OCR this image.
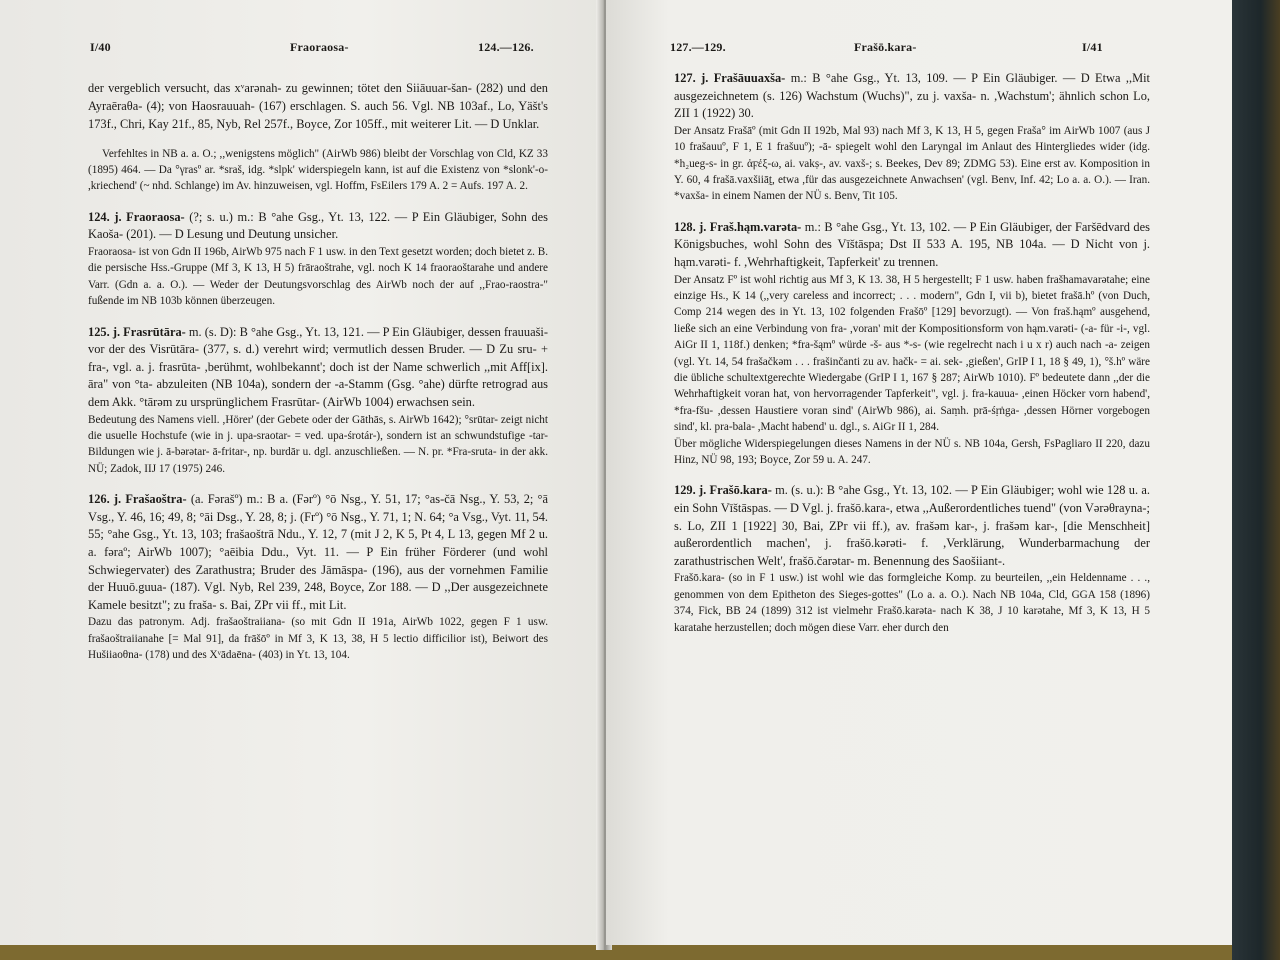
I/40	Fraoraosa-	124.—126.

der vergeblich versucht, das xᵛarənah- zu gewinnen; tötet den Siiāuuar-šan- (282) und den Ayraēraθa- (4); von Haosrauuah- (167) erschlagen. S. auch 56. Vgl. NB 103af., Lo, Yäšt's 173f., Chri, Kay 21f., 85, Nyb, Rel 257f., Boyce, Zor 105ff., mit weiterer Lit. — D Unklar.

Verfehltes in NB a. a. O.; ,,wenigstens möglich" (AirWb 986) bleibt der Vorschlag von Cld, KZ 33 (1895) 464. — Da °γrasº ar. *sraš, idg. *slpk' widerspiegeln kann, ist auf die Existenz von *slonk'-o- ,kriechend' (~ nhd. Schlange) im Av. hinzuweisen, vgl. Hoffm, FsEilers 179 A. 2 = Aufs. 197 A. 2.

124. j. Fraoraosa- (?; s. u.) m.: B °ahe Gsg., Yt. 13, 122. — P Ein Gläubiger, Sohn des Kaoša- (201). — D Lesung und Deutung unsicher.

Fraoraosa- ist von Gdn II 196b, AirWb 975 nach F 1 usw. in den Text gesetzt worden; doch bietet z. B. die persische Hss.-Gruppe (Mf 3, K 13, H 5) frāraoštrahe, vgl. noch K 14 fraoraoštarahe und andere Varr. (Gdn a. a. O.). — Weder der Deutungsvorschlag des AirWb noch der auf ,,Frao-raostra-" fußende im NB 103b können überzeugen.

125. j. Frasrūtāra- m. (s. D): B °ahe Gsg., Yt. 13, 121. — P Ein Gläubiger, dessen frauuaši- vor der des Visrūtāra- (377, s. d.) verehrt wird; vermutlich dessen Bruder. — D Zu sru- + fra-, vgl. a. j. frasrūta- ,berühmt, wohlbekannt'; doch ist der Name schwerlich ,,mit Aff[ix]. āra" von °ta- abzuleiten (NB 104a), sondern der -a-Stamm (Gsg. °ahe) dürfte retrograd aus dem Akk. °tārəm zu ursprünglichem Frasrūtar- (AirWb 1004) erwachsen sein.

Bedeutung des Namens viell. ,Hörer' (der Gebete oder der Gāthās, s. AirWb 1642); °srūtar- zeigt nicht die usuelle Hochstufe (wie in j. upa-sraotar- = ved. upa-śrotár-), sondern ist an schwundstufige -tar-Bildungen wie j. ā-bərətar- ā-fritar-, np. burdār u. dgl. anzuschließen. — N. pr. *Fra-sruta- in der akk. NÜ; Zadok, IIJ 17 (1975) 246.

126. j. Frašaoštra- (a. Fərašº) m.: B a. (Fərº) °ō Nsg., Y. 51, 17; °as-čā Nsg., Y. 53, 2; °ā Vsg., Y. 46, 16; 49, 8; °āi Dsg., Y. 28, 8; j. (Frº) °ō Nsg., Y. 71, 1; N. 64; °a Vsg., Vyt. 11, 54. 55; °ahe Gsg., Yt. 13, 103; frašaoštrā Ndu., Y. 12, 7 (mit J 2, K 5, Pt 4, L 13, gegen Mf 2 u. a. fəraº; AirWb 1007); °aēibia Ddu., Vyt. 11. — P Ein früher Förderer (und wohl Schwiegervater) des Zarathustra; Bruder des Jāmāspa- (196), aus der vornehmen Familie der Huuō.guua- (187). Vgl. Nyb, Rel 239, 248, Boyce, Zor 188. — D ,,Der ausgezeichnete Kamele besitzt"; zu fraša- s. Bai, ZPr vii ff., mit Lit.

Dazu das patronym. Adj. frašaoštraiiana- (so mit Gdn II 191a, AirWb 1022, gegen F 1 usw. frašaoštraiianahe [= Mal 91], da frāšōº in Mf 3, K 13, 38, H 5 lectio difficilior ist), Beiwort des Hušiiaoθna- (178) und des Xᵛādaēna- (403) in Yt. 13, 104.

127.—129.	Frašō.kara-	I/41

127. j. Frašāuuaxša- m.: B °ahe Gsg., Yt. 13, 109. — P Ein Gläubiger. — D Etwa ,,Mit ausgezeichnetem (s. 126) Wachstum (Wuchs)", zu j. vaxša- n. ,Wachstum'; ähnlich schon Lo, ZII 1 (1922) 30.

Der Ansatz Frašāº (mit Gdn II 192b, Mal 93) nach Mf 3, K 13, H 5, gegen Fraša° im AirWb 1007 (aus J 10 frašauuº, F 1, E 1 frašuuº); -ā- spiegelt wohl den Laryngal im Anlaut des Hintergliedes wider (idg. *h₂ueg-s- in gr. ἀϝέξ-ω, ai. vakṣ-, av. vaxš-; s. Beekes, Dev 89; ZDMG 53). Eine erst av. Komposition in Y. 60, 4 frašā.vaxšiiāt̰, etwa ,für das ausgezeichnete Anwachsen' (vgl. Benv, Inf. 42; Lo a. a. O.). — Iran. *vaxša- in einem Namen der NÜ s. Benv, Tit 105.

128. j. Fraš.hąm.varəta- m.: B °ahe Gsg., Yt. 13, 102. — P Ein Gläubiger, der Faršēdvard des Königsbuches, wohl Sohn des Vīštāspa; Dst II 533 A. 195, NB 104a. — D Nicht von j. hąm.varəti- f. ,Wehrhaftigkeit, Tapferkeit' zu trennen.

Der Ansatz Fº ist wohl richtig aus Mf 3, K 13. 38, H 5 hergestellt; F 1 usw. haben frašhamavarətahe; eine einzige Hs., K 14 (,,very careless and incorrect; . . . modern", Gdn I, vii b), bietet frašā.hº (von Duch, Comp 214 wegen des in Yt. 13, 102 folgenden Frašōº [129] bevorzugt). — Von fraš.hąmº ausgehend, ließe sich an eine Verbindung von fra- ,voran' mit der Kompositionsform von hąm.varəti- (-a- für -i-, vgl. AiGr II 1, 118f.) denken; *fra-šąmº würde -š- aus *-s- (wie regelrecht nach i u x r) auch nach -a- zeigen (vgl. Yt. 14, 54 frašačkəm . . . frašinčanti zu av. hačk- = ai. sek- ,gießen', GrIP I 1, 18 § 49, 1), °š.hº wäre die übliche schultextgerechte Wiedergabe (GrIP I 1, 167 § 287; AirWb 1010). Fº bedeutete dann ,,der die Wehrhaftigkeit voran hat, von hervorragender Tapferkeit", vgl. j. fra-kauua- ,einen Höcker vorn habend', *fra-fšu- ,dessen Haustiere voran sind' (AirWb 986), ai. Saṃh. prā-śṛṅga- ,dessen Hörner vorgebogen sind', kl. pra-bala- ,Macht habend' u. dgl., s. AiGr II 1, 284.

Über mögliche Widerspiegelungen dieses Namens in der NÜ s. NB 104a, Gersh, FsPagliaro II 220, dazu Hinz, NÜ 98, 193; Boyce, Zor 59 u. A. 247.

129. j. Frašō.kara- m. (s. u.): B °ahe Gsg., Yt. 13, 102. — P Ein Gläubiger; wohl wie 128 u. a. ein Sohn Vīštāspas. — D Vgl. j. frašō.kara-, etwa ,,Außerordentliches tuend" (von Vərəθrayna-; s. Lo, ZII 1 [1922] 30, Bai, ZPr vii ff.), av. frašəm kar-, j. frašəm kar-, [die Menschheit] außerordentlich machen', j. frašō.kərəti- f. ,Verklärung, Wunderbarmachung der zarathustrischen Welt', frašō.čarətar- m. Benennung des Saošiiant-.

Frašō.kara- (so in F 1 usw.) ist wohl wie das formgleiche Komp. zu beurteilen, ,,ein Heldenname . . ., genommen von dem Epitheton des Sieges-gottes" (Lo a. a. O.). Nach NB 104a, Cld, GGA 158 (1896) 374, Fick, BB 24 (1899) 312 ist vielmehr Frašō.karəta- nach K 38, J 10 karətahe, Mf 3, K 13, H 5 karatahe herzustellen; doch mögen diese Varr. eher durch den
